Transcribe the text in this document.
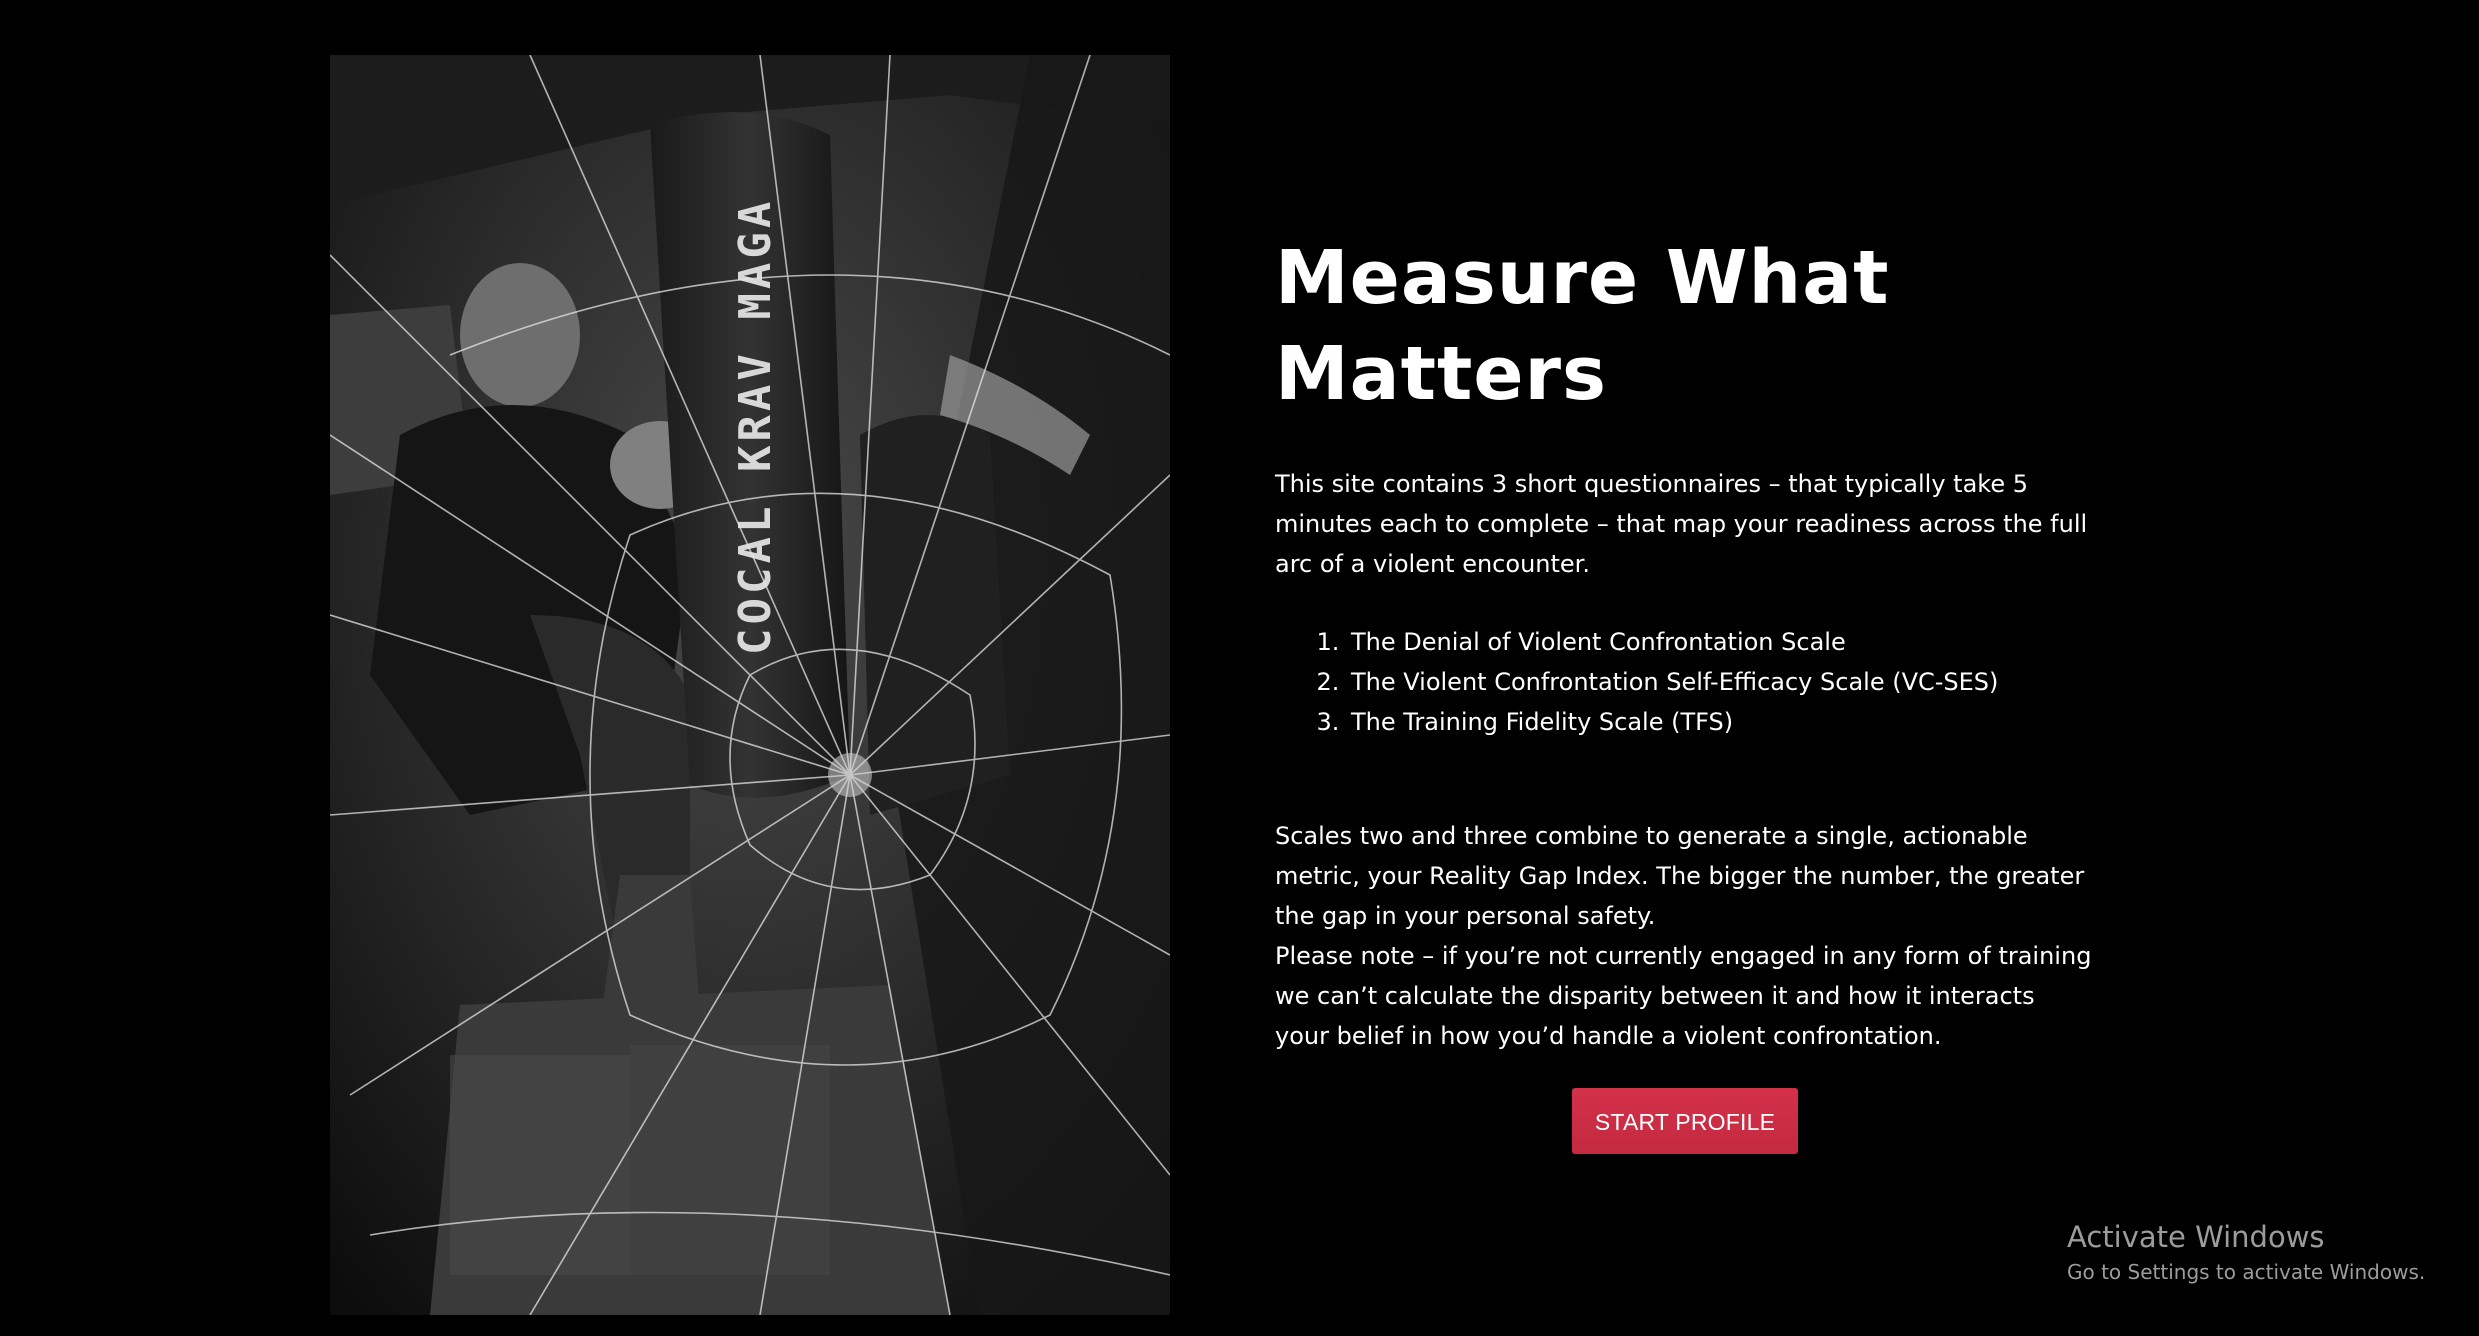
COCAL KRAV MAGA	Measure What Matters

This site contains 3 short questionnaires – that typically take 5 minutes each to complete – that map your readiness across the full arc of a violent encounter.

1. The Denial of Violent Confrontation Scale
2. The Violent Confrontation Self-Efficacy Scale (VC-SES)
3. The Training Fidelity Scale (TFS)

Scales two and three combine to generate a single, actionable metric, your Reality Gap Index. The bigger the number, the greater the gap in your personal safety.

Please note – if you’re not currently engaged in any form of training we can’t calculate the disparity between it and how it interacts your belief in how you’d handle a violent confrontation.

START PROFILE
Activate Windows
Go to Settings to activate Windows.
